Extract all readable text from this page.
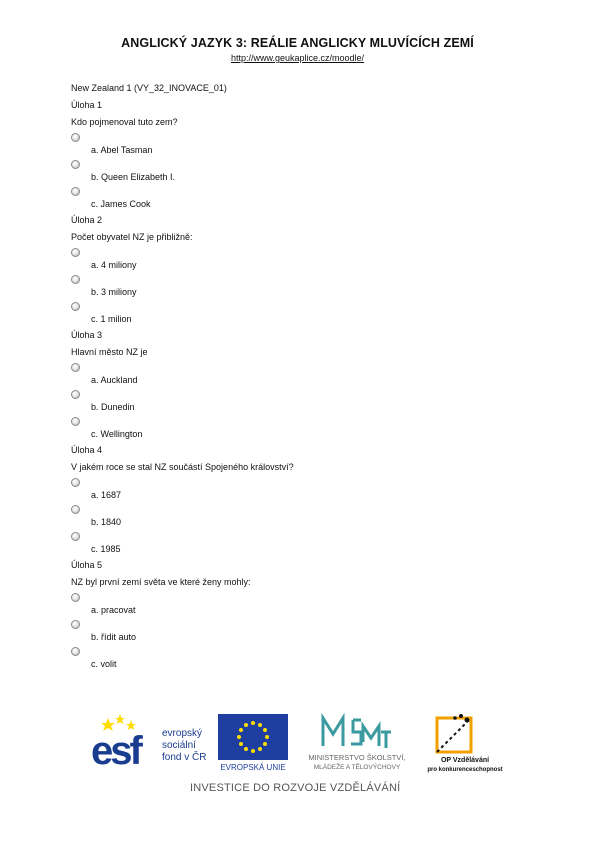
ANGLICKÝ JAZYK 3: REÁLIE ANGLICKY MLUVÍCÍCH ZEMÍ
http://www.geukaplice.cz/moodle/
New Zealand 1 (VY_32_INOVACE_01)
Úloha 1
Kdo pojmenoval tuto zem?
a. Abel Tasman
b. Queen Elizabeth I.
c. James Cook
Úloha 2
Počet obyvatel NZ je přibližně:
a. 4 miliony
b. 3 miliony
c. 1 milion
Úloha 3
Hlavní město NZ je
a. Auckland
b. Dunedin
c. Wellington
Úloha 4
V jakém roce se stal NZ součástí Spojeného království?
a. 1687
b. 1840
c. 1985
Úloha 5
NZ byl první zemí světa ve které ženy mohly:
a. pracovat
b. řídit auto
c. volit
esf	evropský
sociální
fond v ČR
EVROPSKÁ UNIE
MINISTERSTVO ŠKOLSTVÍ,
MLÁDEŽE A TĚLOVÝCHOVY
OP Vzdělávání
pro konkurenceschopnost
INVESTICE DO ROZVOJE VZDĚLÁVÁNÍ
